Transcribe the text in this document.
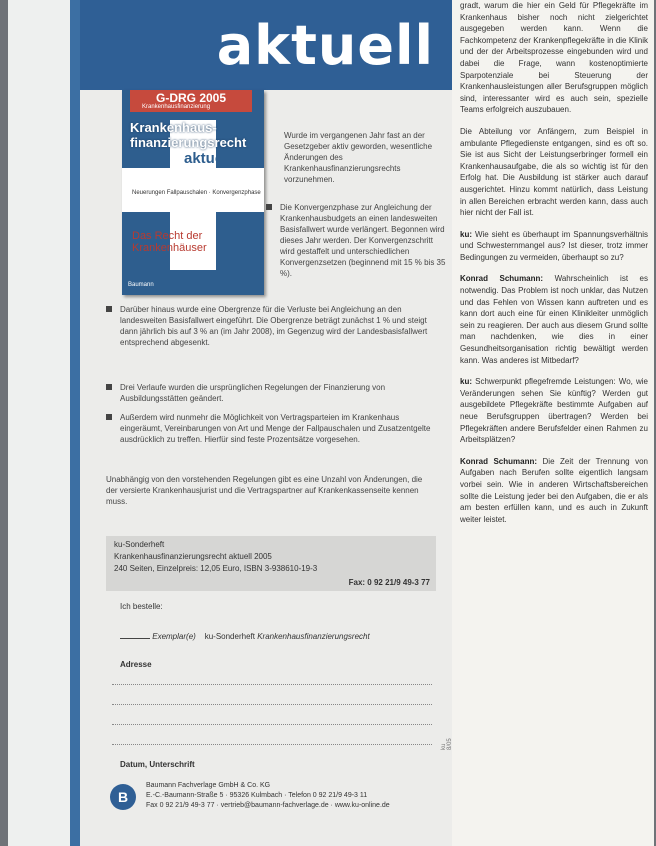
aktuell
G-DRG 2005
Krankenhausfinanzierung
Krankenhaus-finanzierungsrecht
aktuell
Neuerungen Fallpauschalen · Konvergenzphase
Das Recht der Krankenhäuser
Baumann
Wurde im vergangenen Jahr fast an der Gesetzgeber aktiv geworden, wesentliche Änderungen des Krankenhausfinanzierungsrechts vorzunehmen.
Die Konvergenzphase zur Angleichung der Krankenhausbudgets an einen landesweiten Basisfallwert wurde verlängert. Begonnen wird dieses Jahr werden. Der Konvergenzschritt wird gestaffelt und unterschiedlichen Konvergenzsetzen (beginnend mit 15 % bis 35 %).
Darüber hinaus wurde eine Obergrenze für die Verluste bei Angleichung an den landesweiten Basisfallwert eingeführt. Die Obergrenze beträgt zunächst 1 % und steigt dann jährlich bis auf 3 % an (im Jahr 2008), im Gegenzug wird der Landesbasisfallwert entsprechend abgesenkt.
Drei Verlaufe wurden die ursprünglichen Regelungen der Finanzierung von Ausbildungsstätten geändert.
Außerdem wird nunmehr die Möglichkeit von Vertragsparteien im Krankenhaus eingeräumt, Vereinbarungen von Art und Menge der Fallpauschalen und Zusatzentgelte ausdrücklich zu treffen. Hierfür sind feste Prozentsätze vorgesehen.
Unabhängig von den vorstehenden Regelungen gibt es eine Unzahl von Änderungen, die der versierte Krankenhausjurist und die Vertragspartner auf Krankenkassenseite kennen muss.
ku-Sonderheft
Krankenhausfinanzierungsrecht aktuell 2005
240 Seiten, Einzelpreis: 12,05 Euro, ISBN 3-938610-19-3
Fax: 0 92 21/9 49-3 77
Ich bestelle:
Exemplar(e) ku-Sonderheft Krankenhausfinanzierungsrecht
Adresse
Datum, Unterschrift
ku 8/05
B
Baumann Fachverlage GmbH & Co. KG
E.-C.-Baumann-Straße 5 · 95326 Kulmbach · Telefon 0 92 21/9 49-3 11
Fax 0 92 21/9 49-3 77 · vertrieb@baumann-fachverlage.de · www.ku-online.de

gradt, warum die hier ein Geld für Pflegekräfte im Krankenhaus bisher noch nicht zielgerichtet ausgegeben werden kann. Wenn die Fachkompetenz der Krankenpflegekräfte in die Klinik und der der Arbeitsprozesse eingebunden wird und dabei die Frage, wann kostenoptimierte Sparpotenziale bei Steuerung der Krankenhausleistungen aller Berufsgruppen möglich sind, interessanter wird es auch sein, spezielle Teams erfolgreich auszubauen.

Die Abteilung vor Anfängern, zum Beispiel in ambulante Pflegedienste entgangen, sind es oft so. Sie ist aus Sicht der Leistungserbringer formell ein Krankenhausaufgabe, die als so wichtig ist für den Erfolg hat. Die Ausbildung ist stärker auch darauf ausgerichtet. Hinzu kommt natürlich, dass Leistung in allen Bereichen erbracht werden kann, dass auch hier nicht der Fall ist.

ku: Wie sieht es überhaupt im Spannungsverhältnis und Schwesternmangel aus? Ist dieser, trotz immer Bedingungen zu vermeiden, überhaupt so zu?

Konrad Schumann: Wahrscheinlich ist es notwendig. Das Problem ist noch unklar, das Nutzen und das Fehlen von Wissen kann auftreten und es kann dort auch eine für einen Klinikleiter unmöglich sein zu reagieren. Der auch aus diesem Grund sollte man nachdenken, wie dies in einer Gesundheitsorganisation richtig bewältigt werden kann. Was anderes ist Mitbedarf?

ku: Schwerpunkt pflegefremde Leistungen: Wo, wie Veränderungen sehen Sie künftig? Werden gut ausgebildete Pflegekräfte bestimmte Aufgaben auf neue Berufsgruppen übertragen? Werden bei Pflegekräften andere Berufsfelder einen Rahmen zu Arbeitsplätzen?

Konrad Schumann: Die Zeit der Trennung von Aufgaben nach Berufen sollte eigentlich langsam vorbei sein. Wie in anderen Wirtschaftsbereichen sollte die Leistung jeder bei den Aufgaben, die er als am besten erfüllen kann, und es auch in Zukunft weiter leistet.
